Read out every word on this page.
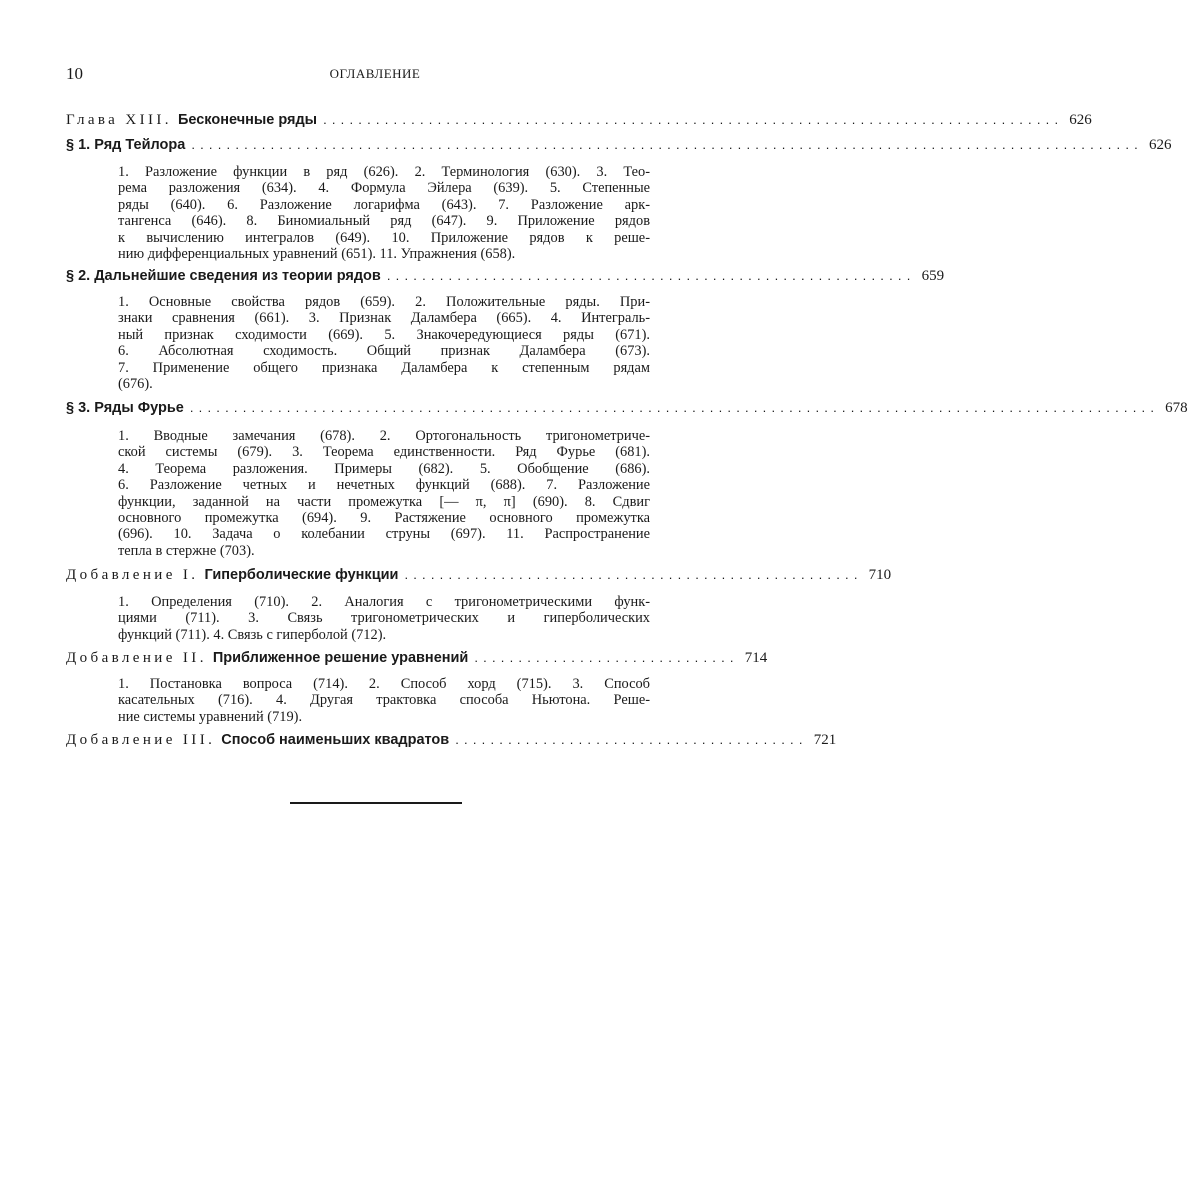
10	ОГЛАВЛЕНИЕ
Глава XIII. Бесконечные ряды .................................................................................... 626
§ 1. Ряд Тейлора ............................................................................................................ 626
1. Разложение функции в ряд (626). 2. Терминология (630). 3. Тео-
рема разложения (634). 4. Формула Эйлера (639). 5. Степенные
ряды (640). 6. Разложение логарифма (643). 7. Разложение арк-
тангенса (646). 8. Биномиальный ряд (647). 9. Приложение рядов
к вычислению интегралов (649). 10. Приложение рядов к реше-
нию дифференциальных уравнений (651). 11. Упражнения (658).
§ 2. Дальнейшие сведения из теории рядов ............................................................ 659
1. Основные свойства рядов (659). 2. Положительные ряды. При-
знаки сравнения (661). 3. Признак Даламбера (665). 4. Интеграль-
ный признак сходимости (669). 5. Знакочередующиеся ряды (671).
6. Абсолютная сходимость. Общий признак Даламбера (673).
7. Применение общего признака Даламбера к степенным рядам
(676).
§ 3. Ряды Фурье .............................................................................................................. 678
1. Вводные замечания (678). 2. Ортогональность тригонометриче-
ской системы (679). 3. Теорема единственности. Ряд Фурье (681).
4. Теорема разложения. Примеры (682). 5. Обобщение (686).
6. Разложение четных и нечетных функций (688). 7. Разложение
функции, заданной на части промежутка [— π, π] (690). 8. Сдвиг
основного промежутка (694). 9. Растяжение основного промежутка
(696). 10. Задача о колебании струны (697). 11. Распространение
тепла в стержне (703).
Добавление I. Гиперболические функции .................................................... 710
1. Определения (710). 2. Аналогия с тригонометрическими функ-
циями (711). 3. Связь тригонометрических и гиперболических
функций (711). 4. Связь с гиперболой (712).
Добавление II. Приближенное решение уравнений .............................. 714
1. Постановка вопроса (714). 2. Способ хорд (715). 3. Способ
касательных (716). 4. Другая трактовка способа Ньютона. Реше-
ние системы уравнений (719).
Добавление III. Способ наименьших квадратов ........................................ 721
